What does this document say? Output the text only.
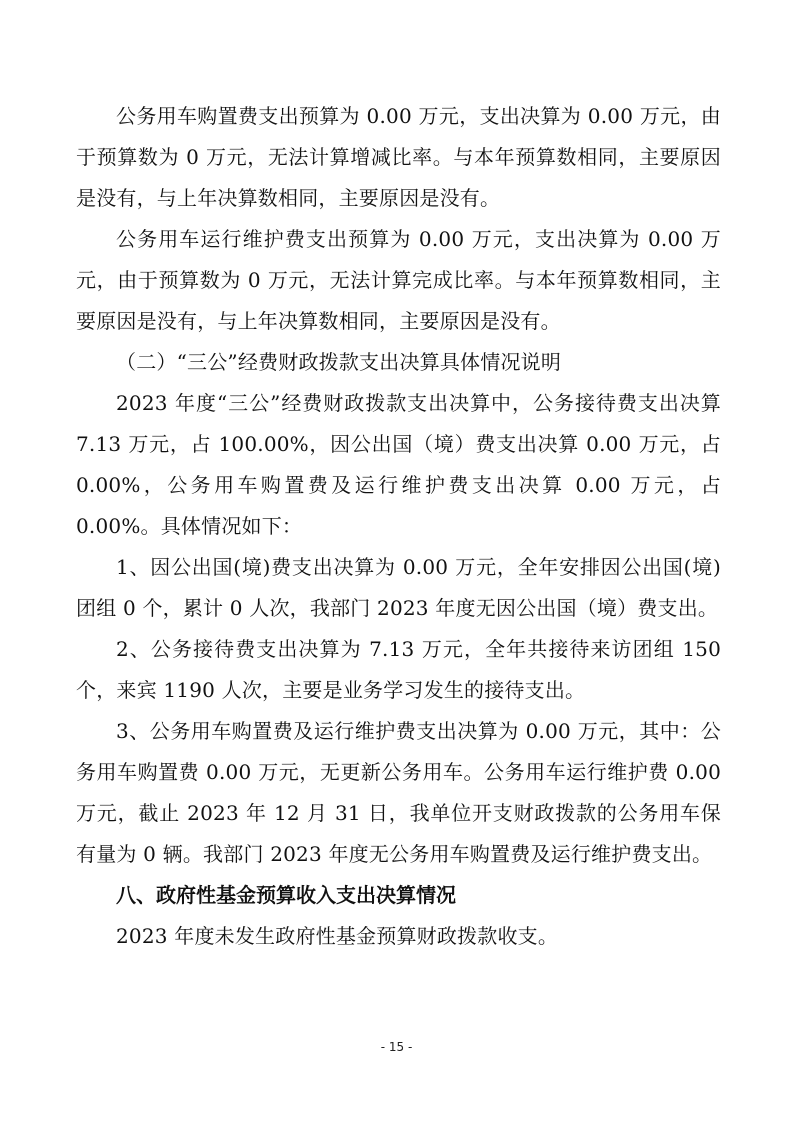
公务用车购置费支出预算为 0.00 万元，支出决算为 0.00 万元，由于预算数为 0 万元，无法计算增减比率。与本年预算数相同，主要原因是没有，与上年决算数相同，主要原因是没有。

公务用车运行维护费支出预算为 0.00 万元，支出决算为 0.00 万元，由于预算数为 0 万元，无法计算完成比率。与本年预算数相同，主要原因是没有，与上年决算数相同，主要原因是没有。

（二）“三公”经费财政拨款支出决算具体情况说明

2023 年度“三公”经费财政拨款支出决算中，公务接待费支出决算 7.13 万元，占 100.00%，因公出国（境）费支出决算 0.00 万元，占 0.00%，公务用车购置费及运行维护费支出决算 0.00 万元，占 0.00%。具体情况如下：

1、因公出国(境)费支出决算为 0.00 万元，全年安排因公出国(境)团组 0 个，累计 0 人次，我部门 2023 年度无因公出国（境）费支出。

2、公务接待费支出决算为 7.13 万元，全年共接待来访团组 150 个，来宾 1190 人次，主要是业务学习发生的接待支出。

3、公务用车购置费及运行维护费支出决算为 0.00 万元，其中：公务用车购置费 0.00 万元，无更新公务用车。公务用车运行维护费 0.00 万元，截止 2023 年 12 月 31 日，我单位开支财政拨款的公务用车保有量为 0 辆。我部门 2023 年度无公务用车购置费及运行维护费支出。

八、政府性基金预算收入支出决算情况

2023 年度未发生政府性基金预算财政拨款收支。

- 15 -
